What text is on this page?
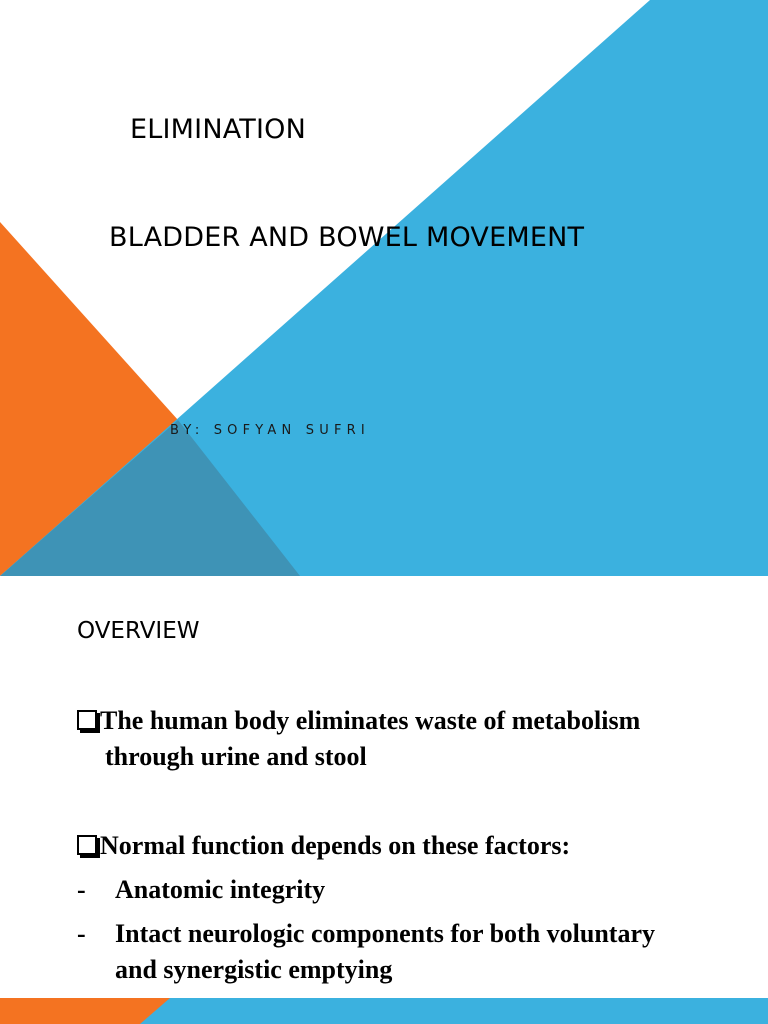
ELIMINATION
BLADDER AND BOWEL MOVEMENT
BY: SOFYAN SUFRI
OVERVIEW
The human body eliminates waste of metabolism
through urine and stool
Normal function depends on these factors:
- Anatomic integrity
- Intact neurologic components for both voluntary
and synergistic emptying
